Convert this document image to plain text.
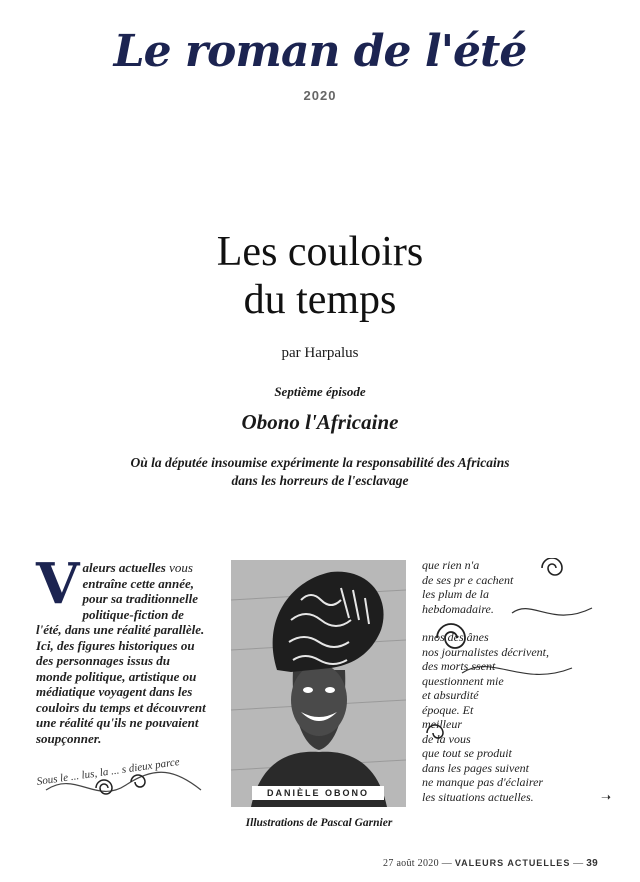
Le roman de l'été
2020
Les couloirs
du temps
par Harpalus
Septième épisode
Obono l'Africaine
Où la députée insoumise expérimente la responsabilité des Africains
dans les horreurs de l'esclavage
Valeurs actuelles vous entraîne cette année, pour sa traditionnelle politique-fiction de l'été, dans une réalité parallèle. Ici, des figures historiques ou des personnages issus du monde politique, artistique ou médiatique voyagent dans les couloirs du temps et découvrent une réalité qu'ils ne pouvaient soupçonner.
Sous le ... lus, la ... s dieux parce
DANIÈLE OBONO
Illustrations de Pascal Garnier
que rien n'a
de ses pr e cachent
les plum de la
hebdomadaire.
nnos des ânes
nos journalistes décrivent,
des morts ssent
questionnent mie
et absurdité
époque. Et
meilleur
de la vous
que tout se produit
dans les pages suivent
ne manque pas d'éclairer
les situations actuelles.	➝
27 août 2020 — VALEURS ACTUELLES — 39
